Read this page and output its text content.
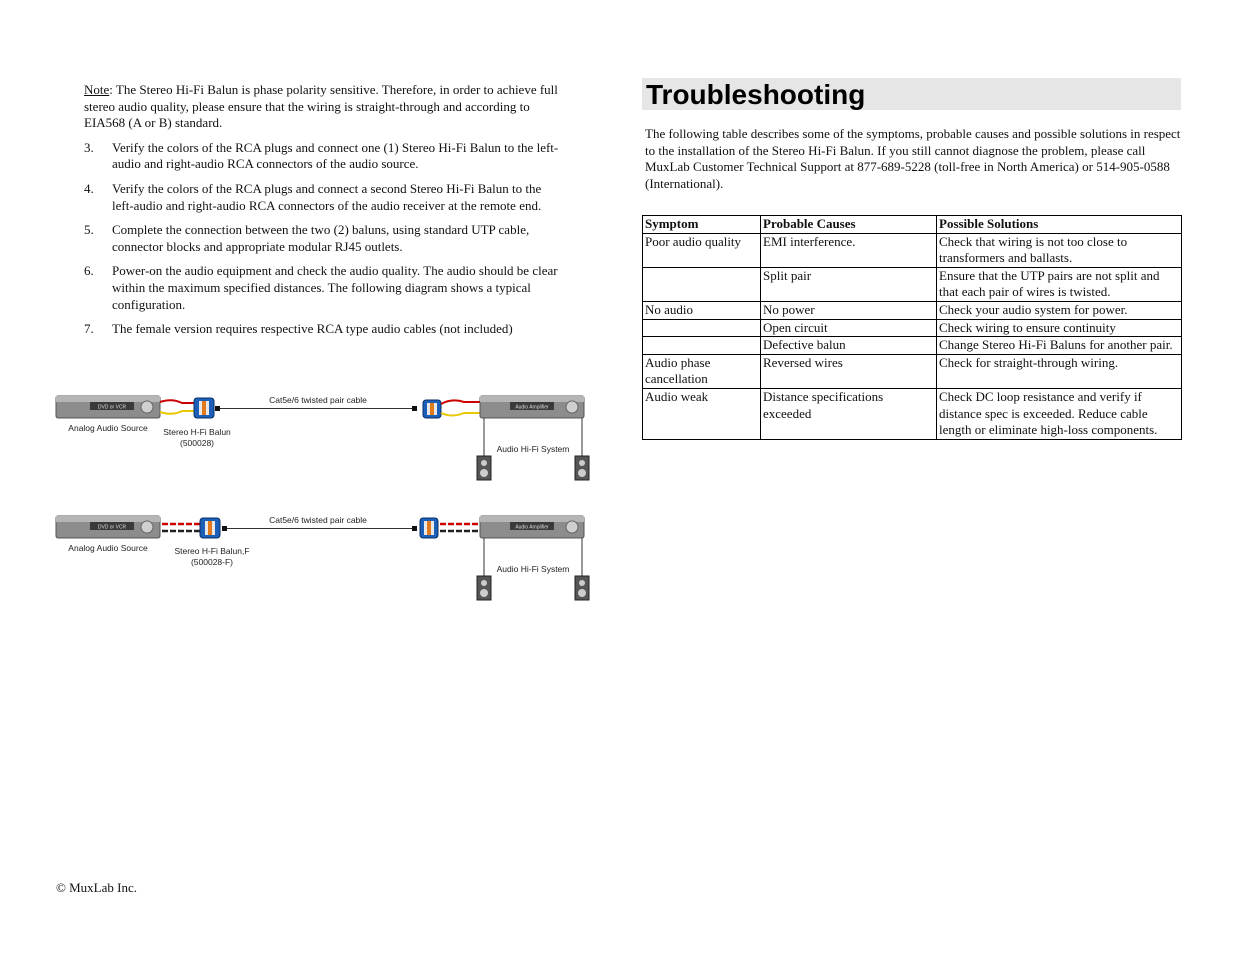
Note: The Stereo Hi-Fi Balun is phase polarity sensitive. Therefore, in order to achieve full stereo audio quality, please ensure that the wiring is straight-through and according to EIA568 (A or B) standard.

3. Verify the colors of the RCA plugs and connect one (1) Stereo Hi-Fi Balun to the left-audio and right-audio RCA connectors of the audio source.
4. Verify the colors of the RCA plugs and connect a second Stereo Hi-Fi Balun to the left-audio and right-audio RCA connectors of the audio receiver at the remote end.
5. Complete the connection between the two (2) baluns, using standard UTP cable, connector blocks and appropriate modular RJ45 outlets.
6. Power-on the audio equipment and check the audio quality. The audio should be clear within the maximum specified distances. The following diagram shows a typical configuration.
7. The female version requires respective RCA type audio cables (not included)
DVD or VCR
Analog Audio Source Stereo H-Fi Balun
(500028)
Cat5e/6 twisted pair cable
Audio Amplifier
Audio Hi-Fi System
DVD or VCR
Analog Audio Source	Stereo H-Fi Balun,F
(500028-F)
Cat5e/6 twisted pair cable
Audio Amplifier
Audio Hi-Fi System
Troubleshooting

The following table describes some of the symptoms, probable causes and possible solutions in respect to the installation of the Stereo Hi-Fi Balun. If you still cannot diagnose the problem, please call MuxLab Customer Technical Support at 877-689-5228 (toll-free in North America) or 514-905-0588 (International).

Symptom	Probable Causes	Possible Solutions
Poor audio quality	EMI interference.	Check that wiring is not too close to transformers and ballasts.
	Split pair	Ensure that the UTP pairs are not split and that each pair of wires is twisted.
No audio	No power	Check your audio system for power.
	Open circuit	Check wiring to ensure continuity
	Defective balun	Change Stereo Hi-Fi Baluns for another pair.
Audio phase cancellation	Reversed wires	Check for straight-through wiring.
Audio weak	Distance specifications exceeded	Check DC loop resistance and verify if distance spec is exceeded. Reduce cable length or eliminate high-loss components.

© MuxLab Inc.
